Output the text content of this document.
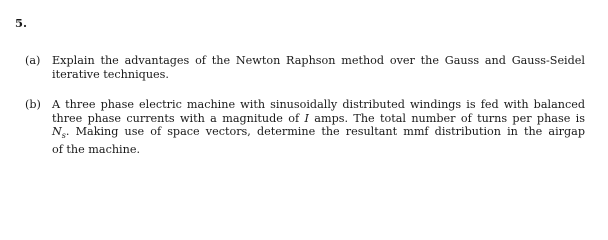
5.
(a) Explain the advantages of the Newton Raphson method over the Gauss and Gauss-Seidel
iterative techniques.
(b) A three phase electric machine with sinusoidally distributed windings is fed with balanced
three phase currents with a magnitude of I amps. The total number of turns per phase is
$N_s$. Making use of space vectors, determine the resultant mmf distribution in the airgap
of the machine.
